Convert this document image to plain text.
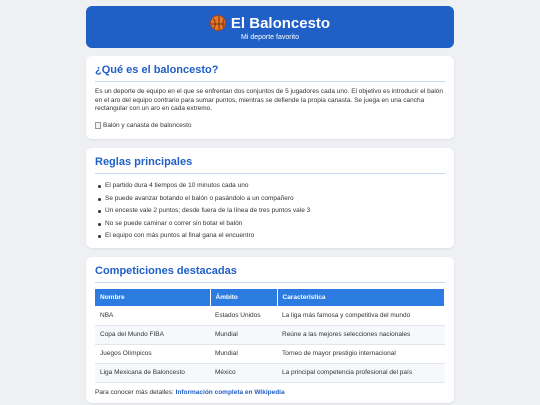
El Baloncesto
Mi deporte favorito
¿Qué es el baloncesto?

Es un deporte de equipo en el que se enfrentan dos conjuntos de 5 jugadores cada uno. El objetivo es introducir el balón en el aro del equipo contrario para sumar puntos, mientras se defiende la propia canasta. Se juega en una cancha rectangular con un aro en cada extremo.

Balón y canasta de baloncesto
Reglas principales
El partido dura 4 tiempos de 10 minutos cada uno
Se puede avanzar botando el balón o pasándolo a un compañero
Un enceste vale 2 puntos; desde fuera de la línea de tres puntos vale 3
No se puede caminar o correr sin botar el balón
El equipo con más puntos al final gana el encuentro
Competiciones destacadas
Nombre	Ámbito	Característica
NBA	Estados Unidos	La liga más famosa y competitiva del mundo
Copa del Mundo FIBA	Mundial	Reúne a las mejores selecciones nacionales
Juegos Olímpicos	Mundial	Torneo de mayor prestigio internacional
Liga Mexicana de Baloncesto	México	La principal competencia profesional del país
Para conocer más detalles: Información completa en Wikipedia
